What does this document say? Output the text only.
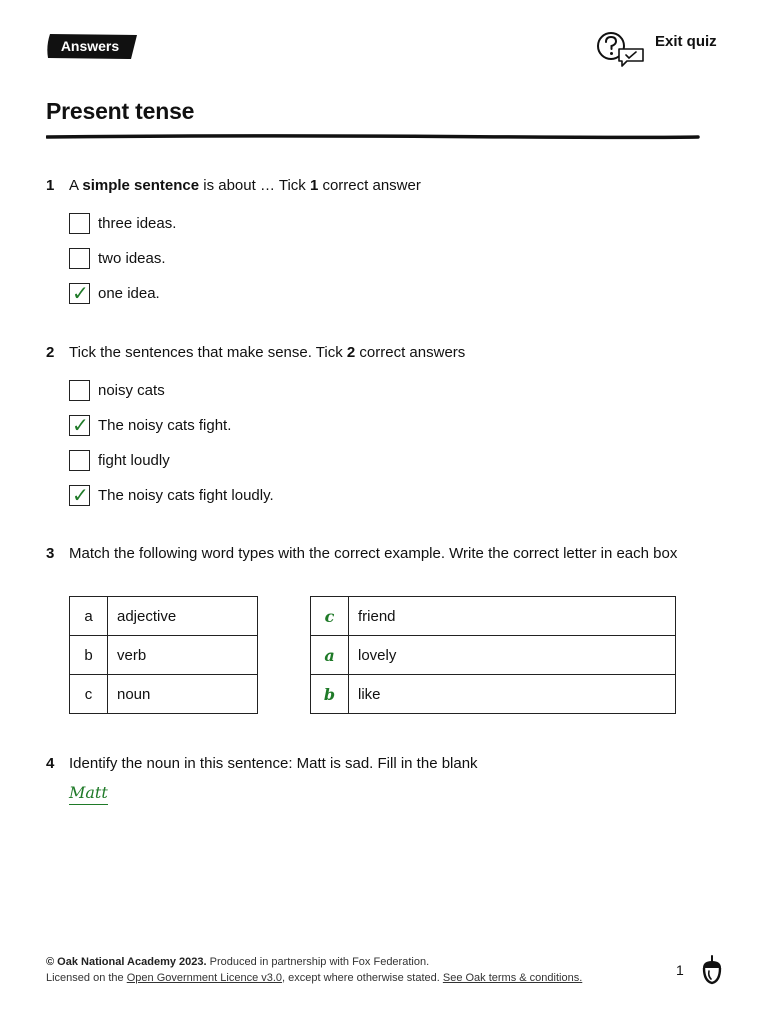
Answers	Exit quiz
Present tense
1 A simple sentence is about … Tick 1 correct answer
three ideas.
two ideas.
✓ one idea.
2 Tick the sentences that make sense. Tick 2 correct answers
noisy cats
✓ The noisy cats fight.
fight loudly
✓ The noisy cats fight loudly.
3 Match the following word types with the correct example. Write the correct letter in each box
a	adjective
b	verb
c	noun
c	friend
a	lovely
b	like
4 Identify the noun in this sentence: Matt is sad. Fill in the blank
Matt
© Oak National Academy 2023. Produced in partnership with Fox Federation.
Licensed on the Open Government Licence v3.0, except where otherwise stated. See Oak terms & conditions.	1
